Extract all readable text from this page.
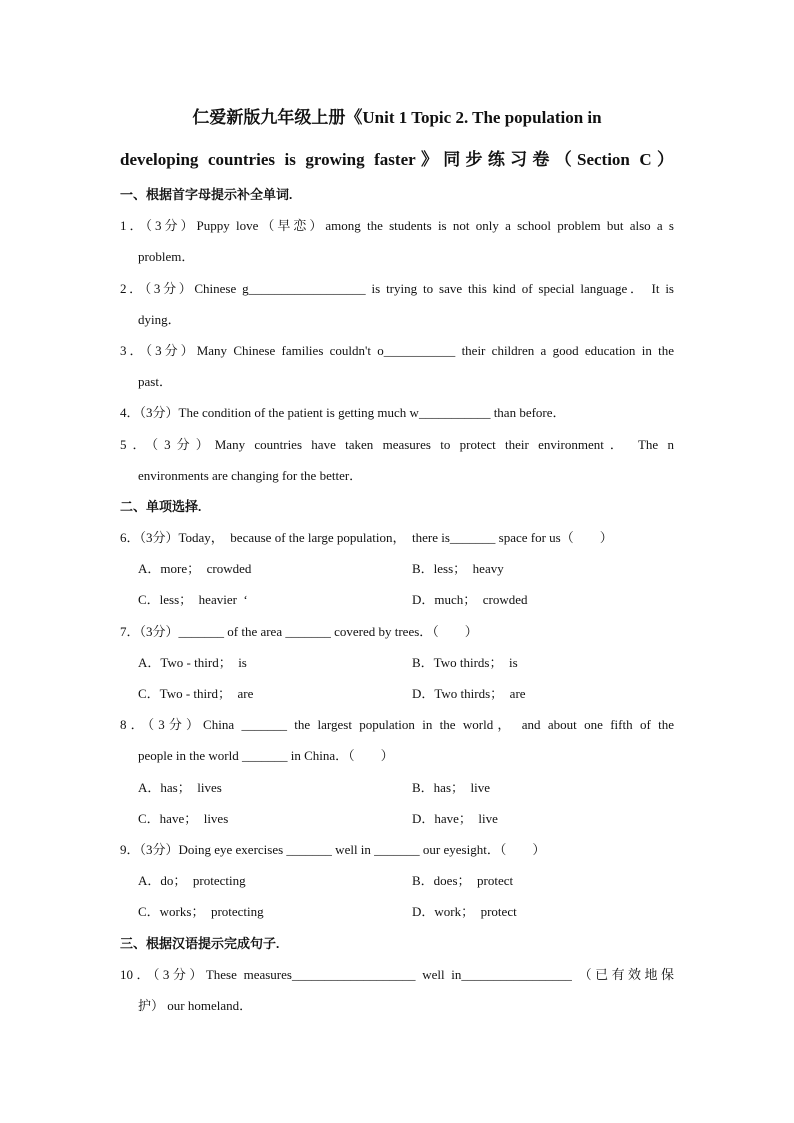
仁爱新版九年级上册《Unit 1 Topic 2. The population in
developing countries is growing faster》同步练习卷（Section C）
一、根据首字母提示补全单词.
1．（3分）Puppy love（早恋）among the students is not only a school problem but also a s
problem．
2．（3分）Chinese g__________________ is trying to save this kind of special language． It is
dying．
3．（3分）Many Chinese families couldn't o___________ their children a good education in the
past．
4．（3分）The condition of the patient is getting much w___________ than before．
5．（3分）Many countries have taken measures to protect their environment． The n
environments are changing for the better．
二、单项选择.
6．（3分）Today，  because of the large population，  there is_______ space for us（　　）

A．more；  crowded

	B．less；  heavy

C．less；  heavier  ‘

	D．much；  crowded

7．（3分）_______ of the area _______ covered by trees．（　　）

A．Two - third；  is

	B．Two thirds；  is

C．Two - third；  are

	D．Two thirds；  are

8．（3分）China _______ the largest population in the world， and about one fifth of the
people in the world _______ in China．（　　）

A．has；  lives

	B．has；  live

C．have；  lives

	D．have；  live

9．（3分）Doing eye exercises _______ well in _______ our eyesight．（　　）

A．do；  protecting

	B．does；  protect

C．works；  protecting

	D．work；  protect

三、根据汉语提示完成句子.
10．（3分）These measures___________________ well in_________________ （已有效地保
护） our homeland．
